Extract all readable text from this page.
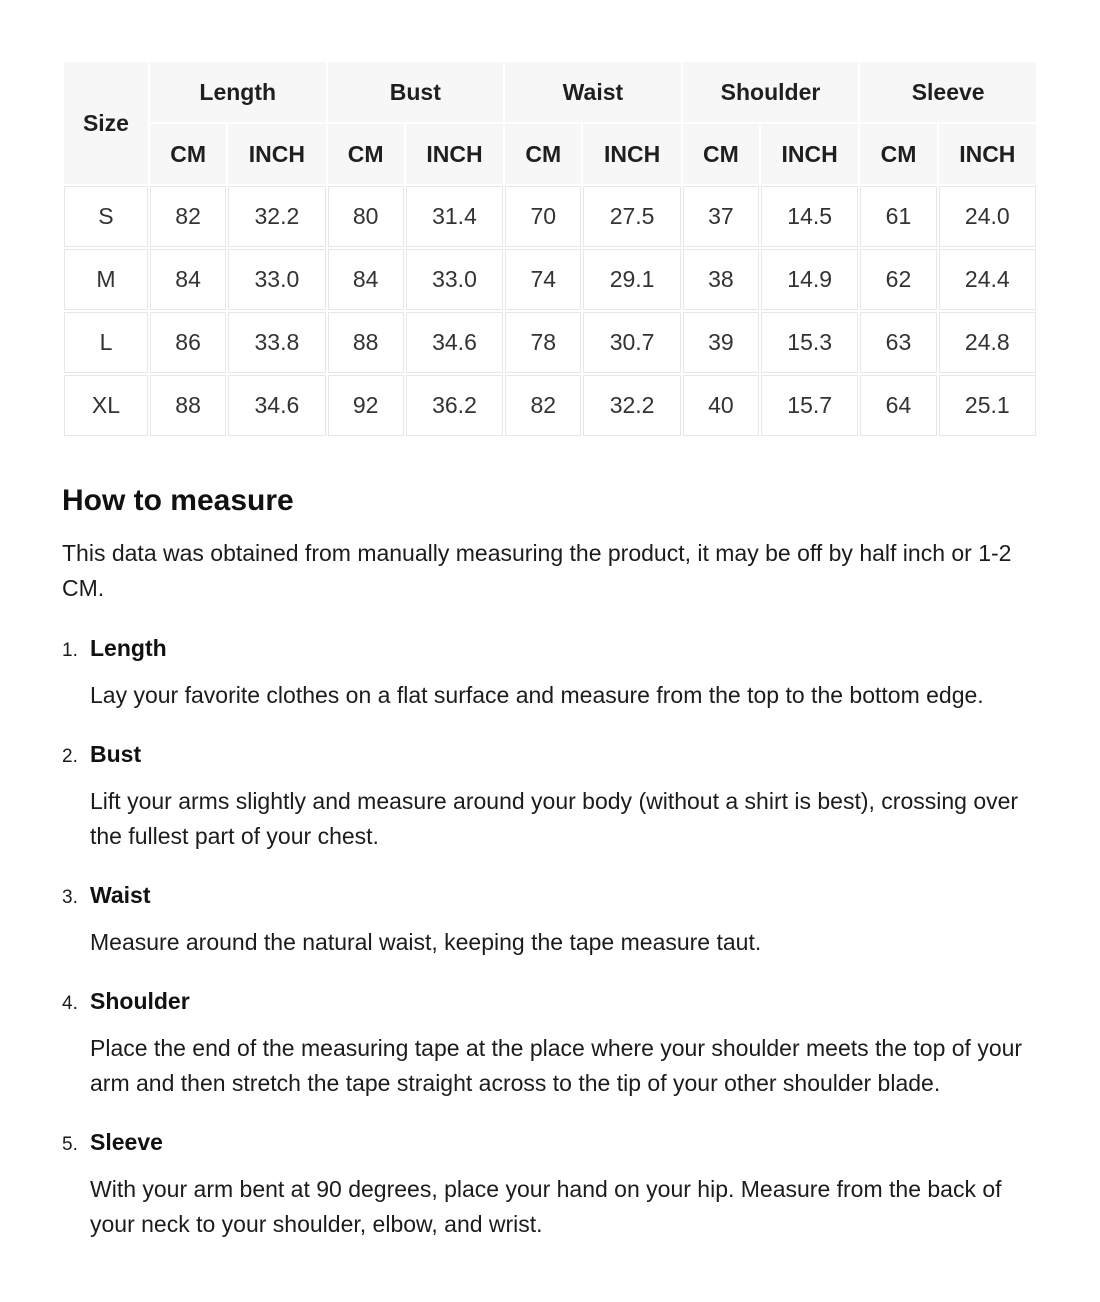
Size	Length		Bust		Waist		Shoulder		Sleeve	
	CM	INCH	CM	INCH	CM	INCH	CM	INCH	CM	INCH
S	82	32.2	80	31.4	70	27.5	37	14.5	61	24.0
M	84	33.0	84	33.0	74	29.1	38	14.9	62	24.4
L	86	33.8	88	34.6	78	30.7	39	15.3	63	24.8
XL	88	34.6	92	36.2	82	32.2	40	15.7	64	25.1
How to measure

This data was obtained from manually measuring the product, it may be off by half inch or 1-2 CM.

1. Length

Lay your favorite clothes on a flat surface and measure from the top to the bottom edge.

2. Bust

Lift your arms slightly and measure around your body (without a shirt is best), crossing over the fullest part of your chest.

3. Waist

Measure around the natural waist, keeping the tape measure taut.

4. Shoulder

Place the end of the measuring tape at the place where your shoulder meets the top of your arm and then stretch the tape straight across to the tip of your other shoulder blade.

5. Sleeve

With your arm bent at 90 degrees, place your hand on your hip. Measure from the back of your neck to your shoulder, elbow, and wrist.
